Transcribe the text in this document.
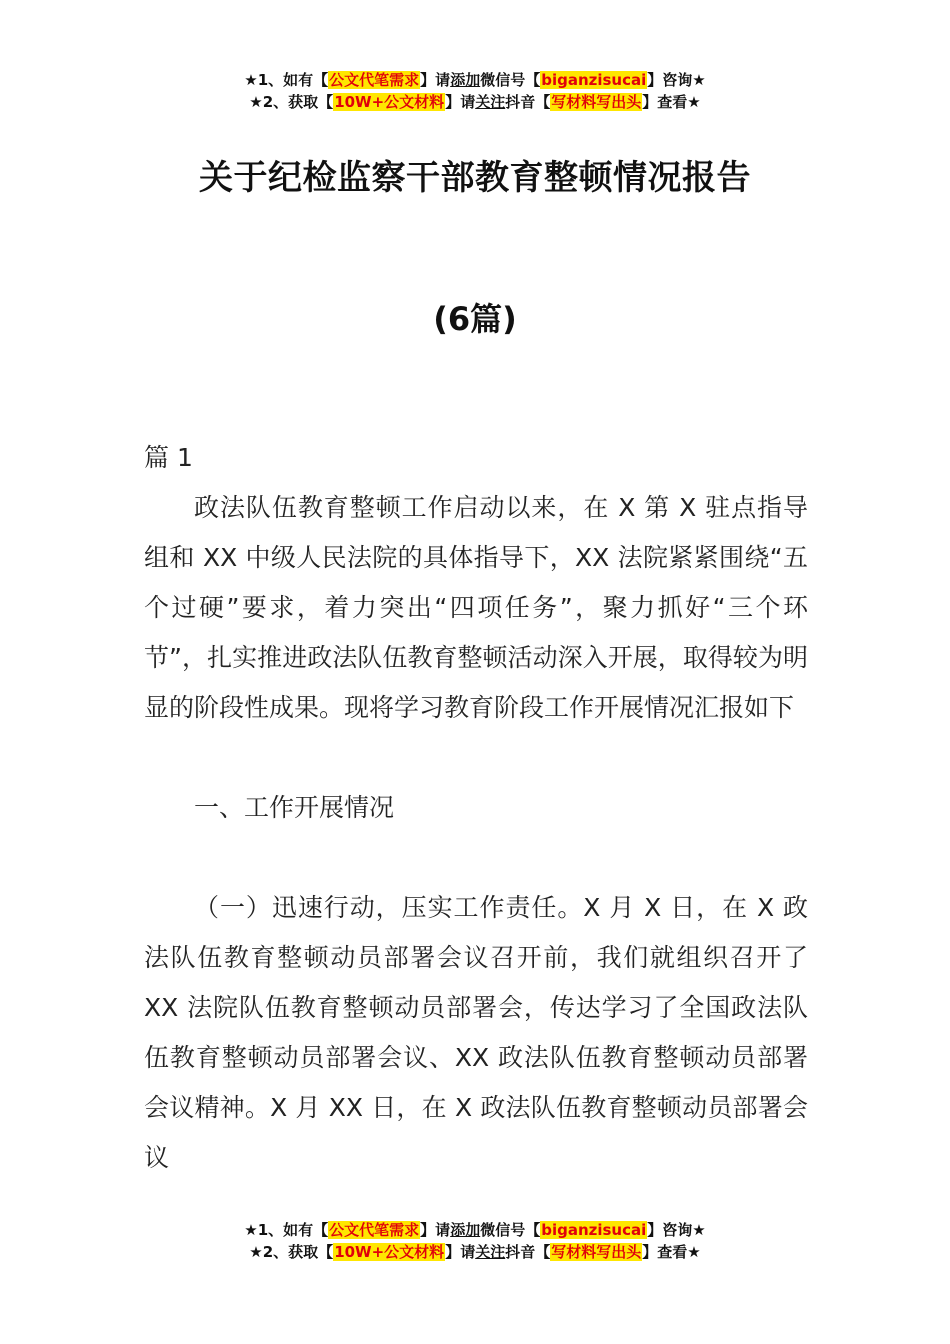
★1、如有【公文代笔需求】请添加微信号【biganzisucai】咨询★
★2、获取【10W+公文材料】请关注抖音【写材料写出头】查看★
关于纪检监察干部教育整顿情况报告
(6篇)
篇 1

政法队伍教育整顿工作启动以来，在 X 第 X 驻点指导组和 XX 中级人民法院的具体指导下，XX 法院紧紧围绕“五个过硬”要求，着力突出“四项任务”，聚力抓好“三个环节”，扎实推进政法队伍教育整顿活动深入开展，取得较为明显的阶段性成果。现将学习教育阶段工作开展情况汇报如下

一、工作开展情况

（一）迅速行动，压实工作责任。X 月 X 日，在 X 政法队伍教育整顿动员部署会议召开前，我们就组织召开了 XX 法院队伍教育整顿动员部署会，传达学习了全国政法队伍教育整顿动员部署会议、XX 政法队伍教育整顿动员部署会议精神。X 月 XX 日，在 X 政法队伍教育整顿动员部署会议

★1、如有【公文代笔需求】请添加微信号【biganzisucai】咨询★
★2、获取【10W+公文材料】请关注抖音【写材料写出头】查看★
